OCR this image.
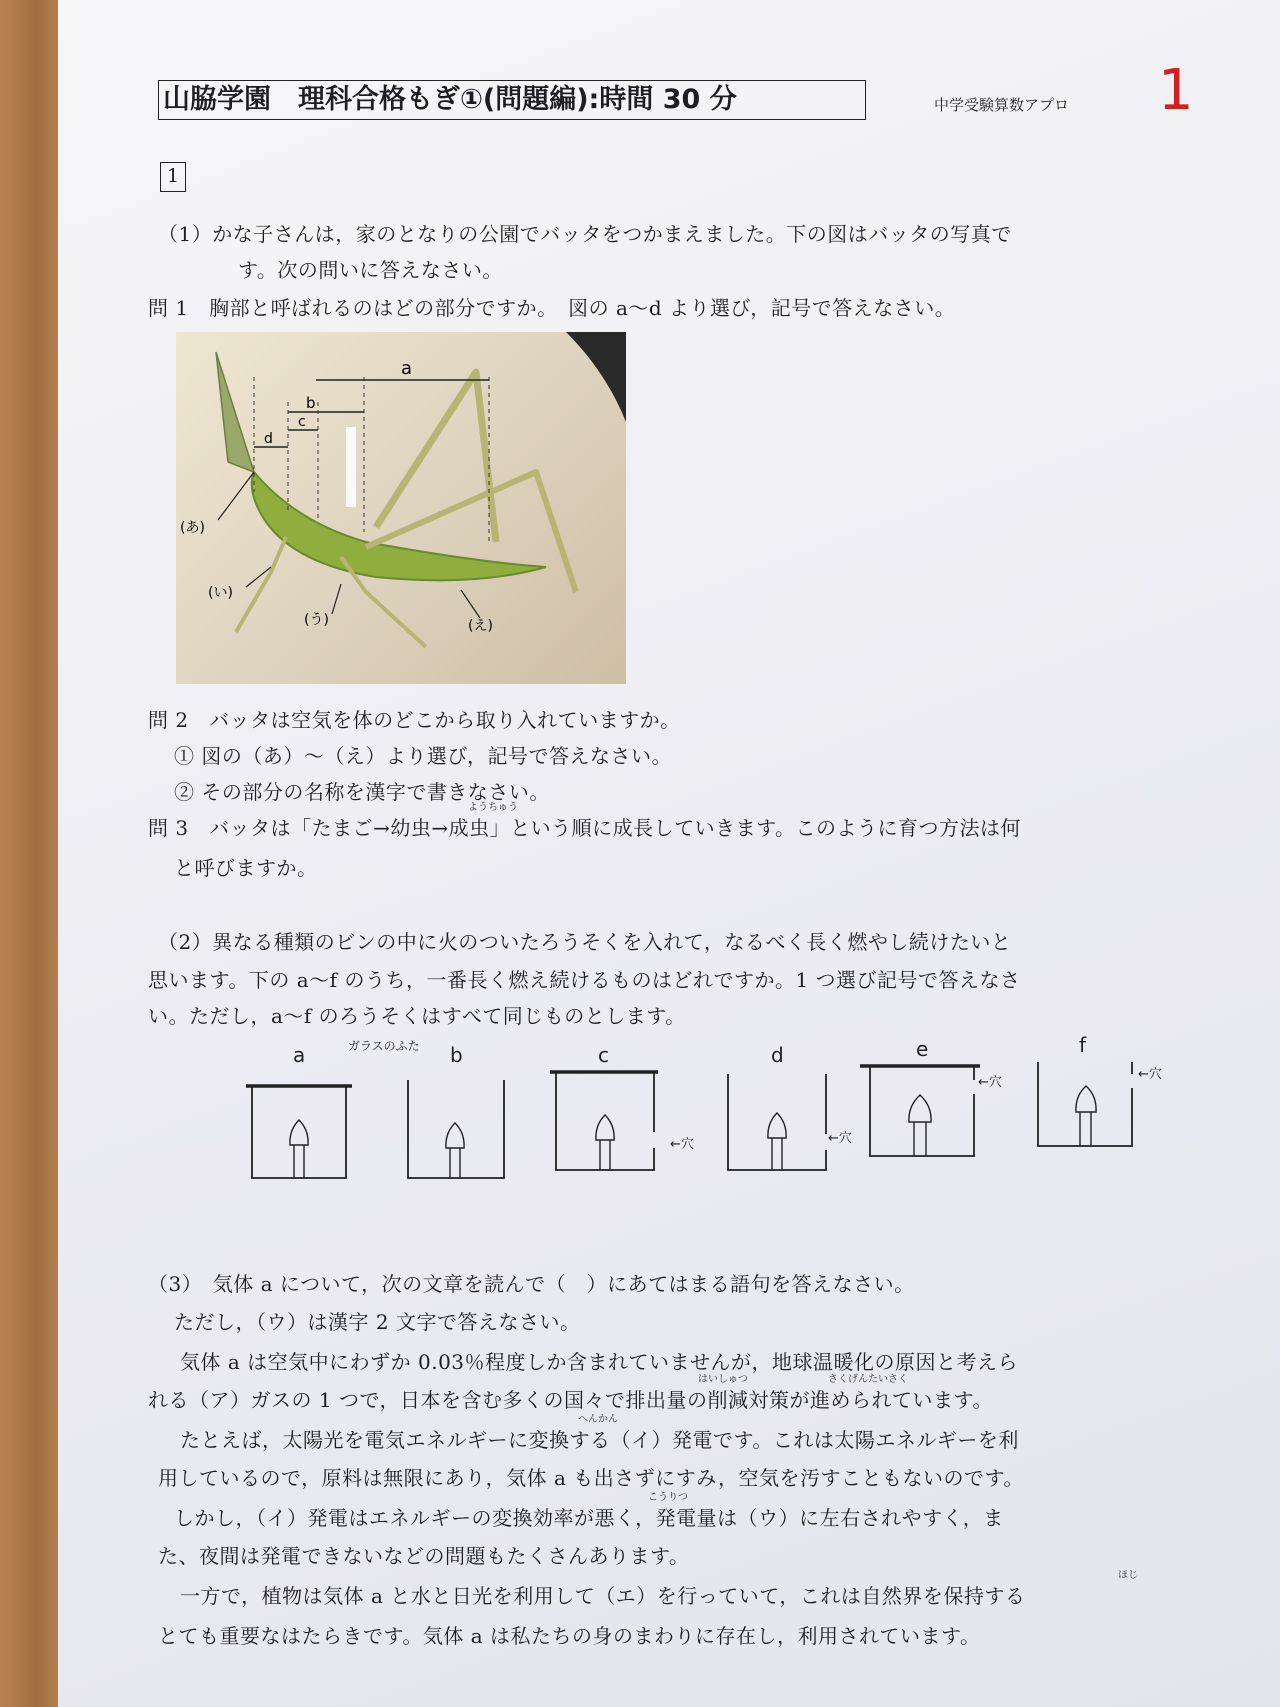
山脇学園　理科合格もぎ①(問題編):時間 30 分	中学受験算数アプロ 1
1
（1）かな子さんは，家のとなりの公園でバッタをつかまえました。下の図はバッタの写真で
す。次の問いに答えなさい。
問 1　胸部と呼ばれるのはどの部分ですか。　図の a～d より選び，記号で答えなさい。
a
b
c
d
(あ)
(い)
(う)	(え)
問 2　バッタは空気を体のどこから取り入れていますか。
① 図の（あ）～（え）より選び，記号で答えなさい。
② その部分の名称を漢字で書きなさい。
ようちゅう
問 3　バッタは「たまご→幼虫→成虫」という順に成長していきます。このように育つ方法は何
と呼びますか。
（2）異なる種類のビンの中に火のついたろうそくを入れて，なるべく長く燃やし続けたいと
思います。下の a～f のうち，一番長く燃え続けるものはどれですか。1 つ選び記号で答えなさ
い。ただし，a～f のろうそくはすべて同じものとします。
a	b	c	d	e	f
ガラスのふた
←穴	←穴
←穴
←穴
（3）　気体 a について，次の文章を読んで（　）にあてはまる語句を答えなさい。
ただし，（ウ）は漢字 2 文字で答えなさい。
気体 a は空気中にわずか 0.03％程度しか含まれていませんが，地球温暖化の原因と考えら
はいしゅつ	さくげんたいさく
れる（ア）ガスの 1 つで，日本を含む多くの国々で排出量の削減対策が進められています。
へんかん
たとえば，太陽光を電気エネルギーに変換する（イ）発電です。これは太陽エネルギーを利
用しているので，原料は無限にあり，気体 a も出さずにすみ，空気を汚すこともないのです。
こうりつ
しかし，（イ）発電はエネルギーの変換効率が悪く，発電量は（ウ）に左右されやすく，ま
た、夜間は発電できないなどの問題もたくさんあります。
ほじ
一方で，植物は気体 a と水と日光を利用して（エ）を行っていて，これは自然界を保持する
とても重要なはたらきです。気体 a は私たちの身のまわりに存在し，利用されています。
